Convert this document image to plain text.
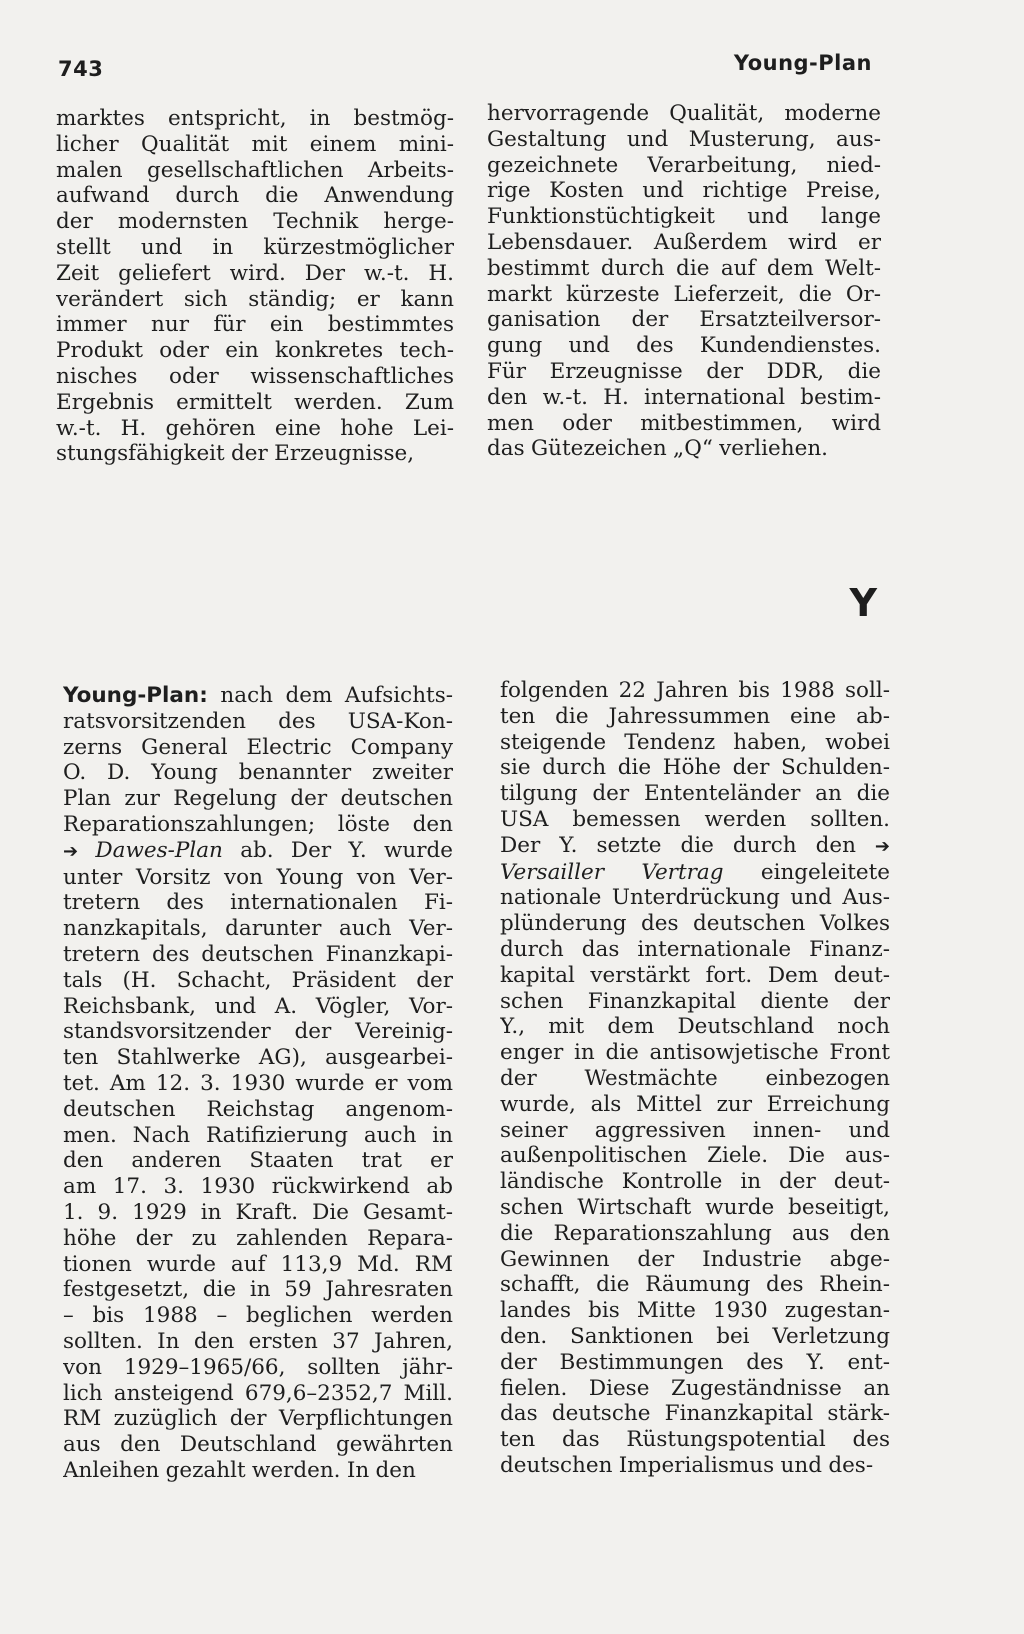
743	Young-Plan
marktes entspricht, in bestmög-
licher Qualität mit einem mini-
malen gesellschaftlichen Arbeits-
aufwand durch die Anwendung
der modernsten Technik herge-
stellt und in kürzestmöglicher
Zeit geliefert wird. Der w.-t. H.
verändert sich ständig; er kann
immer nur für ein bestimmtes
Produkt oder ein konkretes tech-
nisches oder wissenschaftliches
Ergebnis ermittelt werden. Zum
w.-t. H. gehören eine hohe Lei-
stungsfähigkeit der Erzeugnisse,
hervorragende Qualität, moderne
Gestaltung und Musterung, aus-
gezeichnete Verarbeitung, nied-
rige Kosten und richtige Preise,
Funktionstüchtigkeit und lange
Lebensdauer. Außerdem wird er
bestimmt durch die auf dem Welt-
markt kürzeste Lieferzeit, die Or-
ganisation der Ersatzteilversor-
gung und des Kundendienstes.
Für Erzeugnisse der DDR, die
den w.-t. H. international bestim-
men oder mitbestimmen, wird
das Gütezeichen „Q“ verliehen.
Y
Young-Plan: nach dem Aufsichts-
ratsvorsitzenden des USA-Kon-
zerns General Electric Company
O. D. Young benannter zweiter
Plan zur Regelung der deutschen
Reparationszahlungen; löste den
➔ Dawes-Plan ab. Der Y. wurde
unter Vorsitz von Young von Ver-
tretern des internationalen Fi-
nanzkapitals, darunter auch Ver-
tretern des deutschen Finanzkapi-
tals (H. Schacht, Präsident der
Reichsbank, und A. Vögler, Vor-
standsvorsitzender der Vereinig-
ten Stahlwerke AG), ausgearbei-
tet. Am 12. 3. 1930 wurde er vom
deutschen Reichstag angenom-
men. Nach Ratifizierung auch in
den anderen Staaten trat er
am 17. 3. 1930 rückwirkend ab
1. 9. 1929 in Kraft. Die Gesamt-
höhe der zu zahlenden Repara-
tionen wurde auf 113,9 Md. RM
festgesetzt, die in 59 Jahresraten
– bis 1988 – beglichen werden
sollten. In den ersten 37 Jahren,
von 1929–1965/66, sollten jähr-
lich ansteigend 679,6–2352,7 Mill.
RM zuzüglich der Verpflichtungen
aus den Deutschland gewährten
Anleihen gezahlt werden. In den
folgenden 22 Jahren bis 1988 soll-
ten die Jahressummen eine ab-
steigende Tendenz haben, wobei
sie durch die Höhe der Schulden-
tilgung der Ententeländer an die
USA bemessen werden sollten.
Der Y. setzte die durch den ➔
Versailler Vertrag eingeleitete
nationale Unterdrückung und Aus-
plünderung des deutschen Volkes
durch das internationale Finanz-
kapital verstärkt fort. Dem deut-
schen Finanzkapital diente der
Y., mit dem Deutschland noch
enger in die antisowjetische Front
der Westmächte einbezogen
wurde, als Mittel zur Erreichung
seiner aggressiven innen- und
außenpolitischen Ziele. Die aus-
ländische Kontrolle in der deut-
schen Wirtschaft wurde beseitigt,
die Reparationszahlung aus den
Gewinnen der Industrie abge-
schafft, die Räumung des Rhein-
landes bis Mitte 1930 zugestan-
den. Sanktionen bei Verletzung
der Bestimmungen des Y. ent-
fielen. Diese Zugeständnisse an
das deutsche Finanzkapital stärk-
ten das Rüstungspotential des
deutschen Imperialismus und des-
